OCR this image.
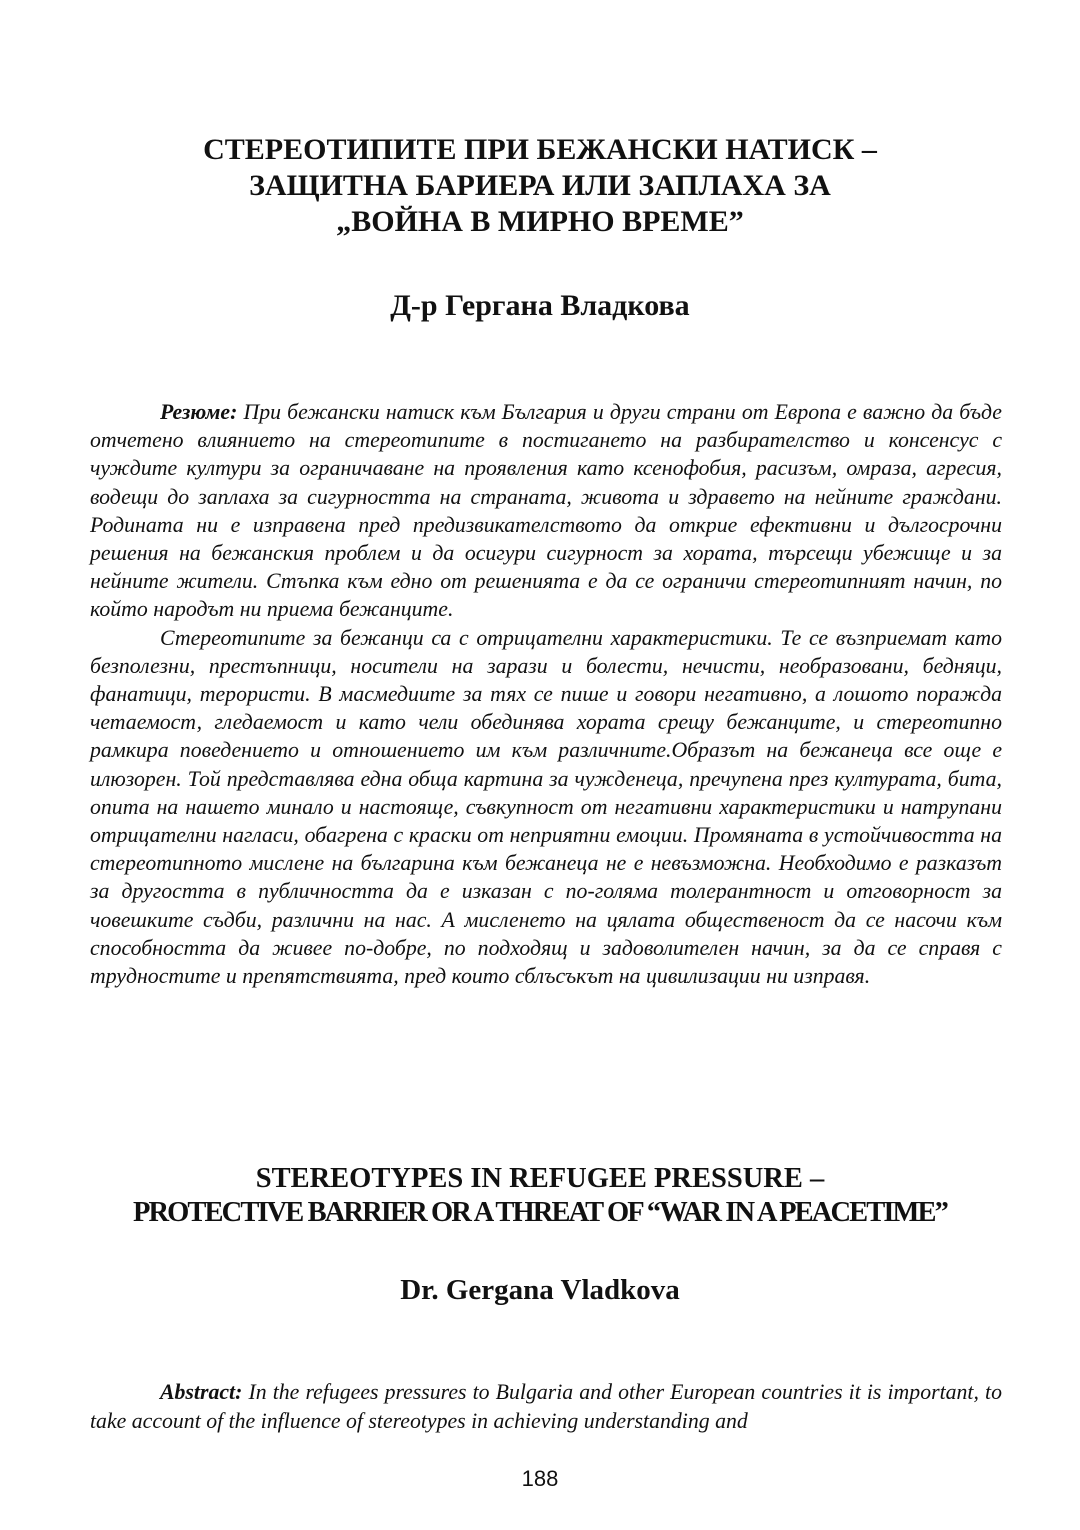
СТЕРЕОТИПИТЕ ПРИ БЕЖАНСКИ НАТИСК –
ЗАЩИТНА БАРИЕРА ИЛИ ЗАПЛАХА ЗА
„ВОЙНА В МИРНО ВРЕМЕ”
Д-р Гергана Владкова

Резюме: При бежански натиск към България и други страни от Европа е важно да бъде отчетено влиянието на стереотипите в постигането на разбирателство и консенсус с чуждите култури за ограничаване на проявления като ксенофобия, расизъм, омраза, агресия, водещи до заплаха за сигурността на страната, живота и здравето на нейните граждани. Родината ни е изправена пред предизвикателството да открие ефективни и дългосрочни решения на бежанския проблем и да осигури сигурност за хората, търсещи убежище и за нейните жители. Стъпка към едно от решенията е да се ограничи стереотипният начин, по който народът ни приема бежанците.

Стереотипите за бежанци са с отрицателни характеристики. Те се възприемат като безполезни, престъпници, носители на зарази и болести, нечисти, необразовани, бедняци, фанатици, терористи. В масмедиите за тях се пише и говори негативно, а лошото поражда четаемост, гледаемост и като чели обединява хората срещу бежанците, и стереотипно рамкира поведението и отношението им към различните.Образът на бежанеца все още е илюзорен. Той представлява една обща картина за чужденеца, пречупена през културата, бита, опита на нашето минало и настояще, съвкупност от негативни характеристики и натрупани отрицателни нагласи, обагрена с краски от неприятни емоции. Промяната в устойчивостта на стереотипното мислене на българина към бежанеца не е невъзможна. Необходимо е разказът за другостта в публичността да е изказан с по-голяма толерантност и отговорност за човешките съдби, различни на нас. А мисленето на цялата общественост да се насочи към способността да живее по-добре, по подходящ и задоволителен начин, за да се справя с трудностите и препятствията, пред които сблъсъкът на цивилизации ни изправя.

STEREOTYPES IN REFUGEE PRESSURE –
PROTECTIVE BARRIER OR A THREAT OF “WAR IN A PEACETIME”
Dr. Gergana Vladkova

Abstract: In the refugees pressures to Bulgaria and other European countries it is important, to take account of the influence of stereotypes in achieving understanding and

188
